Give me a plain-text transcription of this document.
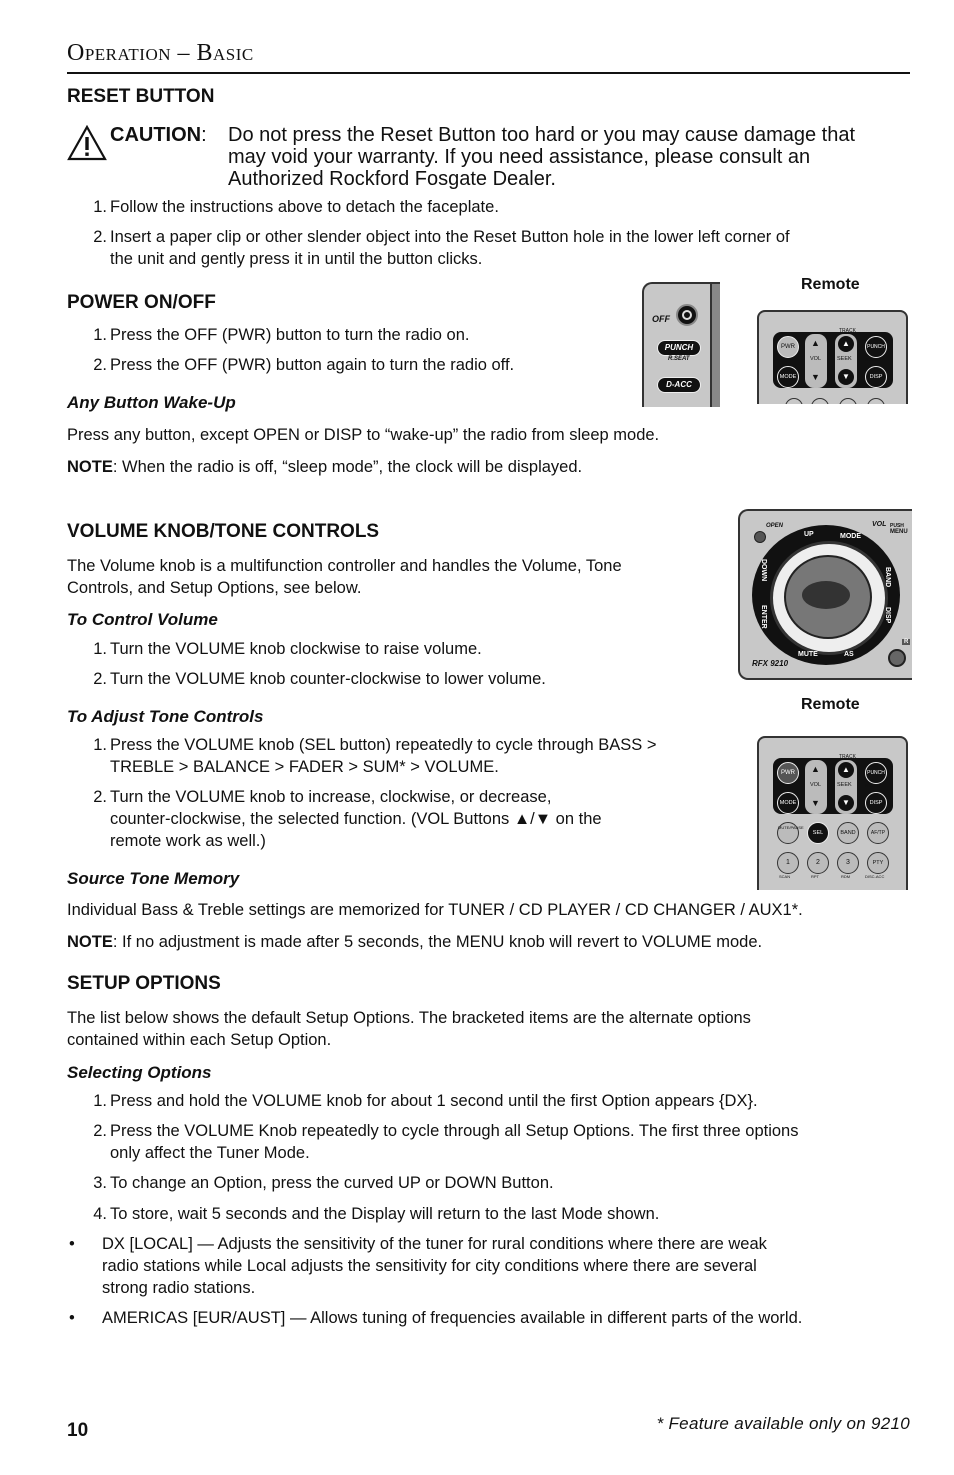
Operation – Basic
RESET BUTTON
CAUTION: Do not press the Reset Button too hard or you may cause damage that
may void your warranty. If you need assistance, please consult an
Authorized Rockford Fosgate Dealer.
1. Follow the instructions above to detach the faceplate.
2. Insert a paper clip or other slender object into the Reset Button hole in the lower left corner of
the unit and gently press it in until the button clicks.
POWER ON/OFF
1. Press the OFF (PWR) button to turn the radio on.
2. Press the OFF (PWR) button again to turn the radio off.
OFF
PUNCH
R.SEAT
D-ACC
Remote
PWR
MODE
VOL
▲
▼
TRACK
SEEK
▲
▼
PUNCH
R.SEAT
DISP
Any Button Wake-Up
Press any button, except OPEN or DISP to “wake-up” the radio from sleep mode.
NOTE: When the radio is off, “sleep mode”, the clock will be displayed.
VOLUME KNOB/TONE CONTROLS
The Volume knob is a multifunction controller and handles the Volume, Tone
Controls, and Setup Options, see below.
OPEN
UP	MODE
VOL PUSH
MENU
BAND
DISP
AS
MUTE
ENTER
DOWN
RFX 9210
R
To Control Volume
1. Turn the VOLUME knob clockwise to raise volume.
2. Turn the VOLUME knob counter-clockwise to lower volume.
To Adjust Tone Controls
1. Press the VOLUME knob (SEL button) repeatedly to cycle through BASS >
TREBLE > BALANCE > FADER > SUM* > VOLUME.
2. Turn the VOLUME knob to increase, clockwise, or decrease,
counter-clockwise, the selected function. (VOL Buttons ▲/▼ on the
remote work as well.)
Remote
PWR
MODE
VOL
▲
▼
TRACK
SEEK
▲
▼
PUNCH
R.SEAT
DISP
MUTE/PAUSE
SEL	BAND	AF/TP
1	2	3	PTY
SCAN	RPT	RDM	DISC-ACC
Source Tone Memory
Individual Bass & Treble settings are memorized for TUNER / CD PLAYER / CD CHANGER / AUX1*.
NOTE: If no adjustment is made after 5 seconds, the MENU knob will revert to VOLUME mode.
SETUP OPTIONS
The list below shows the default Setup Options. The bracketed items are the alternate options
contained within each Setup Option.
Selecting Options
1. Press and hold the VOLUME knob for about 1 second until the first Option appears {DX}.
2. Press the VOLUME Knob repeatedly to cycle through all Setup Options. The first three options
only affect the Tuner Mode.
3. To change an Option, press the curved UP or DOWN Button.
4. To store, wait 5 seconds and the Display will return to the last Mode shown.
• DX [LOCAL] — Adjusts the sensitivity of the tuner for rural conditions where there are weak
radio stations while Local adjusts the sensitivity for city conditions where there are several
strong radio stations.
• AMERICAS [EUR/AUST] — Allows tuning of frequencies available in different parts of the world.
10	* Feature available only on 9210
